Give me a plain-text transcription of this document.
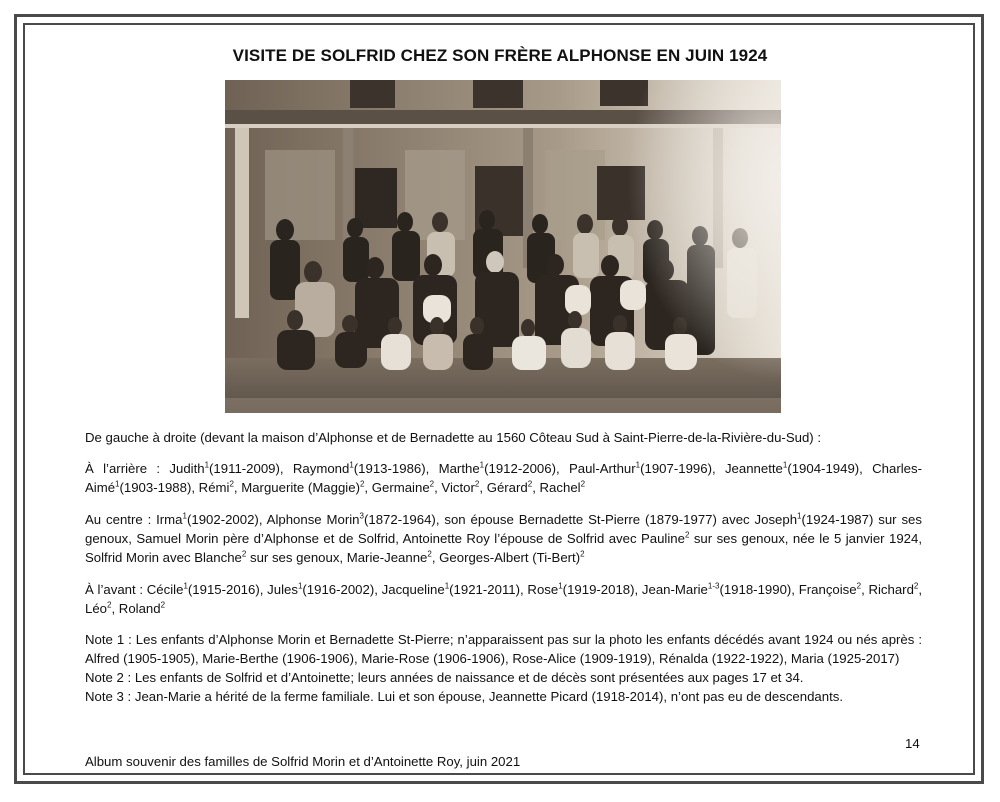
VISITE DE SOLFRID CHEZ SON FRÈRE ALPHONSE EN JUIN 1924
De gauche à droite (devant la maison d’Alphonse et de Bernadette au 1560 Côteau Sud à Saint-Pierre-de-la-Rivière-du-Sud) :
À l’arrière : Judith$^1$(1911-2009), Raymond$^1$(1913-1986), Marthe$^1$(1912-2006), Paul-Arthur$^1$(1907-1996), Jeannette$^1$(1904-1949), Charles-Aimé$^1$(1903-1988), Rémi$^2$, Marguerite (Maggie)$^2$, Germaine$^2$, Victor$^2$, Gérard$^2$, Rachel$^2$
Au centre : Irma$^1$(1902-2002), Alphonse Morin$^3$(1872-1964), son épouse Bernadette St-Pierre (1879-1977) avec Joseph$^1$(1924-1987) sur ses genoux, Samuel Morin père d’Alphonse et de Solfrid, Antoinette Roy l’épouse de Solfrid avec Pauline$^2$ sur ses genoux, née le 5 janvier 1924, Solfrid Morin avec Blanche$^2$ sur ses genoux, Marie-Jeanne$^2$, Georges-Albert (Ti-Bert)$^2$
À l’avant : Cécile$^1$(1915-2016), Jules$^1$(1916-2002), Jacqueline$^1$(1921-2011), Rose$^1$(1919-2018), Jean-Marie$^{1-3}$(1918-1990), Françoise$^2$, Richard$^2$, Léo$^2$, Roland$^2$
Note 1 : Les enfants d’Alphonse Morin et Bernadette St-Pierre; n’apparaissent pas sur la photo les enfants décédés avant 1924 ou nés après : Alfred (1905-1905), Marie-Berthe (1906-1906), Marie-Rose (1906-1906), Rose-Alice (1909-1919), Rénalda (1922-1922), Maria (1925-2017)
Note 2 : Les enfants de Solfrid et d’Antoinette; leurs années de naissance et de décès sont présentées aux pages 17 et 34.
Note 3 : Jean-Marie a hérité de la ferme familiale. Lui et son épouse, Jeannette Picard (1918-2014), n’ont pas eu de descendants.
14
Album souvenir des familles de Solfrid Morin et d’Antoinette Roy, juin 2021
